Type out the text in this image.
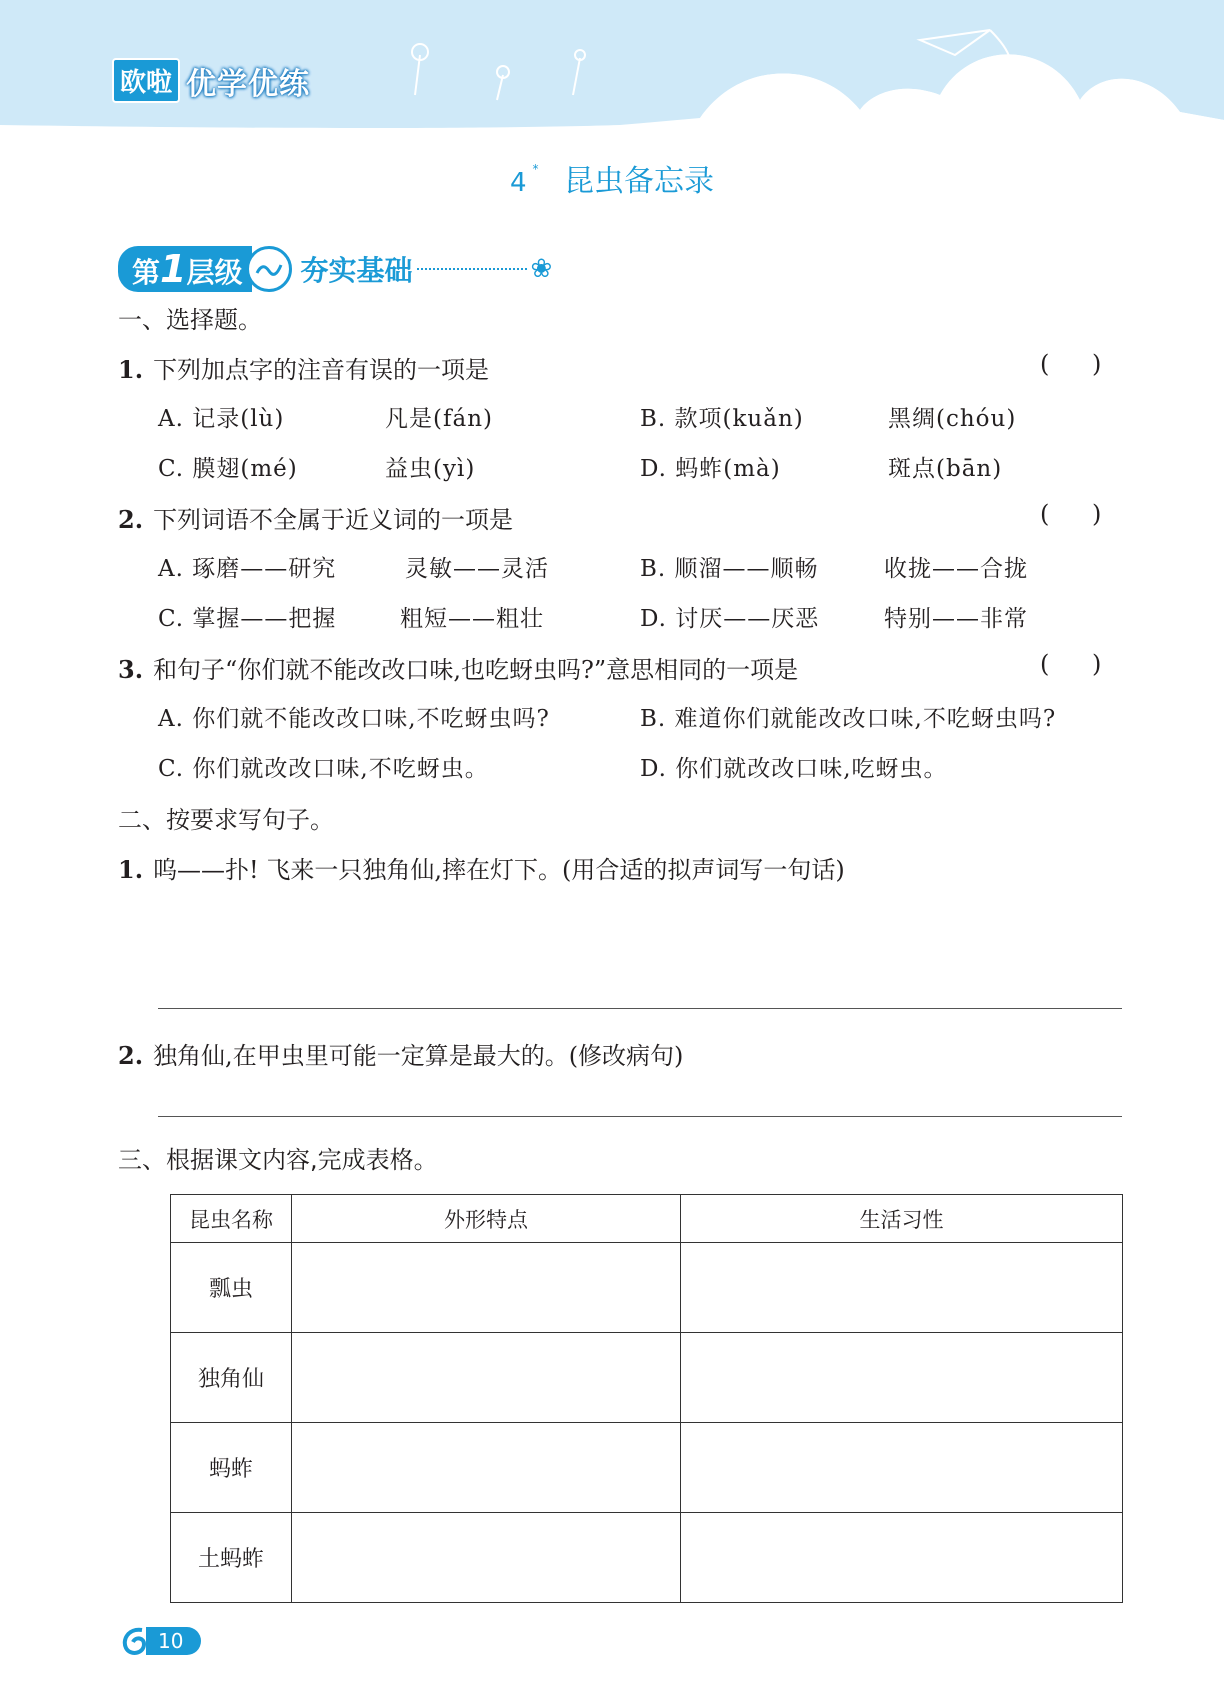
欧啦 优学优练
4 * 昆虫备忘录
第1层级	夯实基础	❀
一、选择题。
1. 下列加点字的注音有误的一项是	( )
A. 记录(lù)	凡是(fán)	B. 款项(kuǎn)	黑绸(chóu)
C. 膜翅(mé)	益虫(yì)	D. 蚂蚱(mà)	斑点(bān)
2. 下列词语不全属于近义词的一项是	( )
A. 琢磨——研究	灵敏——灵活	B. 顺溜——顺畅	收拢——合拢
C. 掌握——把握	粗短——粗壮	D. 讨厌——厌恶	特别——非常
3. 和句子“你们就不能改改口味,也吃蚜虫吗?”意思相同的一项是	( )
A. 你们就不能改改口味,不吃蚜虫吗?	B. 难道你们就能改改口味,不吃蚜虫吗?
C. 你们就改改口味,不吃蚜虫。	D. 你们就改改口味,吃蚜虫。
二、按要求写句子。
1. 呜——扑! 飞来一只独角仙,摔在灯下。(用合适的拟声词写一句话)
2. 独角仙,在甲虫里可能一定算是最大的。(修改病句)
三、根据课文内容,完成表格。
昆虫名称	外形特点	生活习性
瓢虫		
独角仙		
蚂蚱		
土蚂蚱		
10
